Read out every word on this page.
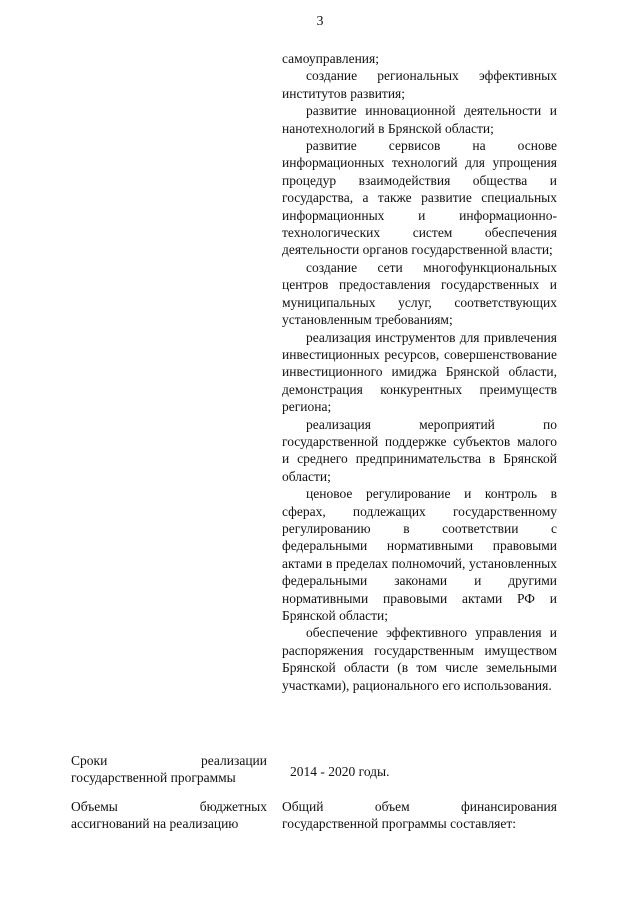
3

самоуправления;

создание региональных эффективных институтов развития;

развитие инновационной деятельности и нанотехнологий в Брянской области;

развитие сервисов на основе информационных технологий для упрощения процедур взаимодействия общества и государства, а также развитие специальных информационных и информационно-технологических систем обеспечения деятельности органов государственной власти;

создание сети многофункциональных центров предоставления государственных и муниципальных услуг, соответствующих установленным требованиям;

реализация инструментов для привлечения инвестиционных ресурсов, совершенствование инвестиционного имиджа Брянской области, демонстрация конкурентных преимуществ региона;

реализация мероприятий по государственной поддержке субъектов малого и среднего предпринимательства в Брянской области;

ценовое регулирование и контроль в сферах, подлежащих государственному регулированию в соответствии с федеральными нормативными правовыми актами в пределах полномочий, установленных федеральными законами и другими нормативными правовыми актами РФ и Брянской области;

обеспечение эффективного управления и распоряжения государственным имуществом Брянской области (в том числе земельными участками), рационального его использования.

Сроки реализации государственной программы	2014 - 2020 годы.
Объемы бюджетных ассигнований на реализацию
Общий объем финансирования государственной программы составляет:
